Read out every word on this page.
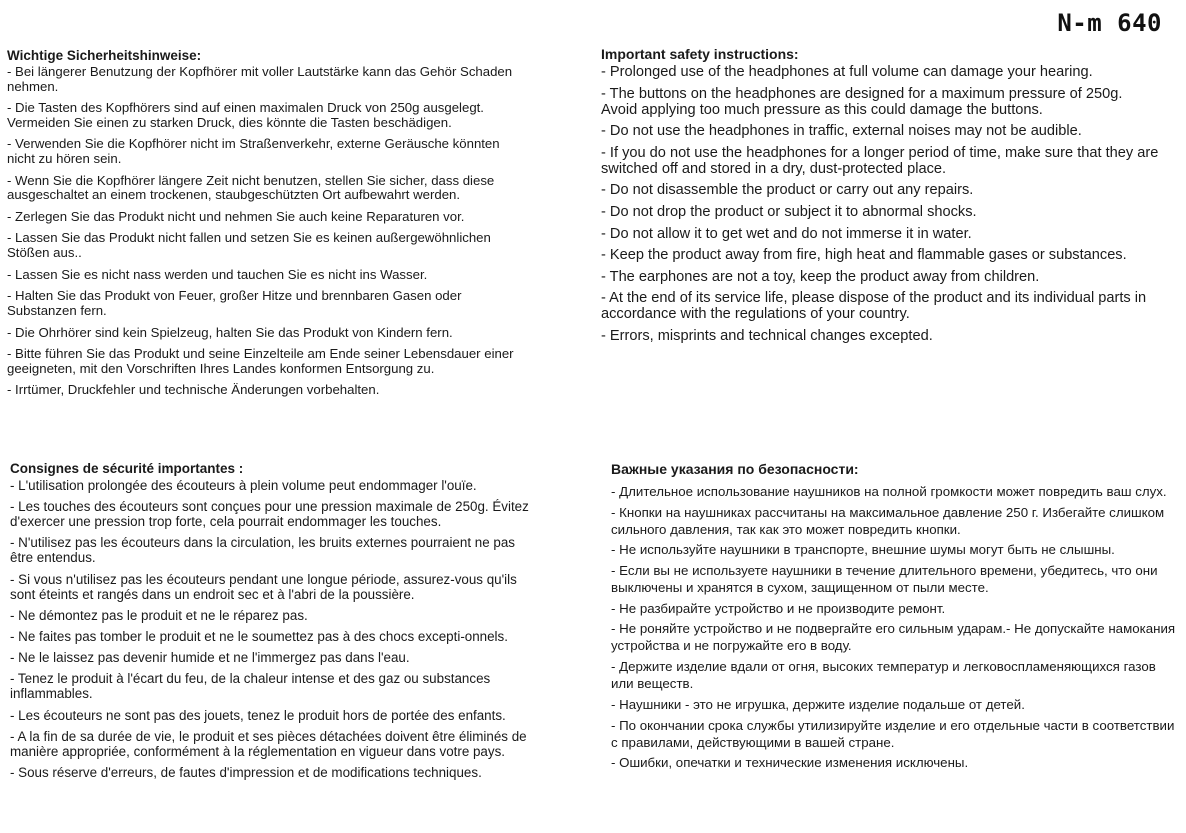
N-m 640
Wichtige Sicherheitshinweise:
- Bei längerer Benutzung der Kopfhörer mit voller Lautstärke kann das Gehör Schaden nehmen.
- Die Tasten des Kopfhörers sind auf einen maximalen Druck von 250g ausgelegt. Vermeiden Sie einen zu starken Druck, dies könnte die Tasten beschädigen.
- Verwenden Sie die Kopfhörer nicht im Straßenverkehr, externe Geräusche könnten nicht zu hören sein.
- Wenn Sie die Kopfhörer längere Zeit nicht benutzen, stellen Sie sicher, dass diese ausgeschaltet an einem trockenen, staubgeschützten Ort aufbewahrt werden.
- Zerlegen Sie das Produkt nicht und nehmen Sie auch keine Reparaturen vor.
- Lassen Sie das Produkt nicht fallen und setzen Sie es keinen außergewöhnlichen Stößen aus..
- Lassen Sie es nicht nass werden und tauchen Sie es nicht ins Wasser.
- Halten Sie das Produkt von Feuer, großer Hitze und brennbaren Gasen oder Substanzen fern.
- Die Ohrhörer sind kein Spielzeug, halten Sie das Produkt von Kindern fern.
- Bitte führen Sie das Produkt und seine Einzelteile am Ende seiner Lebensdauer einer geeigneten, mit den Vorschriften Ihres Landes konformen Entsorgung zu.
- Irrtümer, Druckfehler und technische Änderungen vorbehalten.
Important safety instructions:
- Prolonged use of the headphones at full volume can damage your hearing.
- The buttons on the headphones are designed for a maximum pressure of 250g. Avoid applying too much pressure as this could damage the buttons.
- Do not use the headphones in traffic, external noises may not be audible.
- If you do not use the headphones for a longer period of time, make sure that they are switched off and stored in a dry, dust-protected place.
- Do not disassemble the product or carry out any repairs.
- Do not drop the product or subject it to abnormal shocks.
- Do not allow it to get wet and do not immerse it in water.
- Keep the product away from fire, high heat and flammable gases or substances.
- The earphones are not a toy, keep the product away from children.
- At the end of its service life, please dispose of the product and its individual parts in accordance with the regulations of your country.
- Errors, misprints and technical changes excepted.
Consignes de sécurité importantes :
- L'utilisation prolongée des écouteurs à plein volume peut endommager l'ouïe.
- Les touches des écouteurs sont conçues pour une pression maximale de 250g. Évitez d'exercer une pression trop forte, cela pourrait endommager les touches.
- N'utilisez pas les écouteurs dans la circulation, les bruits externes pourraient ne pas être entendus.
- Si vous n'utilisez pas les écouteurs pendant une longue période, assurez-vous qu'ils sont éteints et rangés dans un endroit sec et à l'abri de la poussière.
- Ne démontez pas le produit et ne le réparez pas.
- Ne faites pas tomber le produit et ne le soumettez pas à des chocs excepti-onnels.
- Ne le laissez pas devenir humide et ne l'immergez pas dans l'eau.
- Tenez le produit à l'écart du feu, de la chaleur intense et des gaz ou substances inflammables.
- Les écouteurs ne sont pas des jouets, tenez le produit hors de portée des enfants.
- A la fin de sa durée de vie, le produit et ses pièces détachées doivent être éliminés de manière appropriée, conformément à la réglementation en vigueur dans votre pays.
- Sous réserve d'erreurs, de fautes d'impression et de modifications techniques.
Важные указания по безопасности:
- Длительное использование наушников на полной громкости может повредить ваш слух.
- Кнопки на наушниках рассчитаны на максимальное давление 250 г. Избегайте слишком сильного давления, так как это может повредить кнопки.
- Не используйте наушники в транспорте, внешние шумы могут быть не слышны.
- Если вы не используете наушники в течение длительного времени, убедитесь, что они выключены и хранятся в сухом, защищенном от пыли месте.
- Не разбирайте устройство и не производите ремонт.
- Не роняйте устройство и не подвергайте его сильным ударам.- Не допускайте намокания устройства и не погружайте его в воду.
- Держите изделие вдали от огня, высоких температур и легковоспламеняющихся газов или веществ.
- Наушники - это не игрушка, держите изделие подальше от детей.
- По окончании срока службы утилизируйте изделие и его отдельные части в соответствии с правилами, действующими в вашей стране.
- Ошибки, опечатки и технические изменения исключены.
